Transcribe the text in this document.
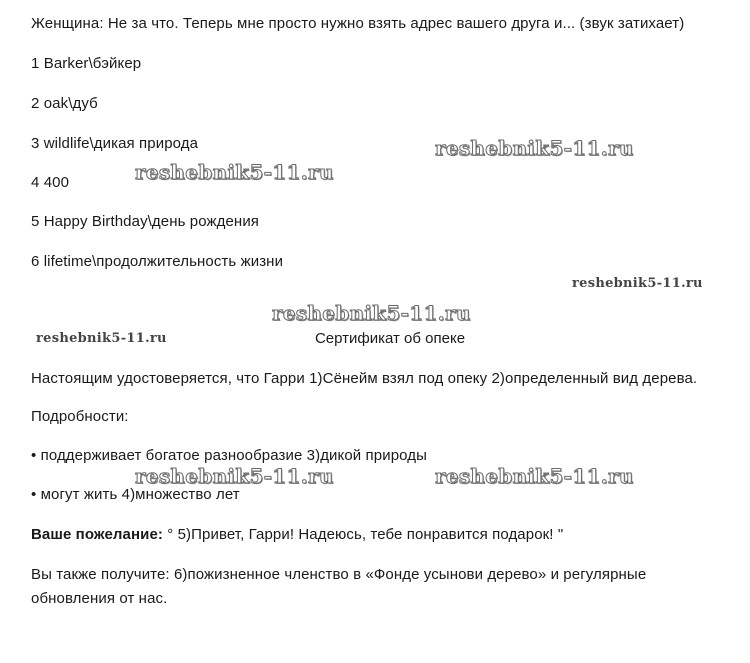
Женщина: Не за что. Теперь мне просто нужно взять адрес вашего друга и... (звук затихает)
1 Barker\бэйкер
2 oak\дуб
3 wildlife\дикая природа
4 400
5 Happy Birthday\день рождения
6 lifetime\продолжительность жизни
Сертификат об опеке
Настоящим удостоверяется, что Гарри 1)Сёнейм взял под опеку 2)определенный вид дерева.
Подробности:
• поддерживает богатое разнообразие 3)дикой природы
• могут жить 4)множество лет
Ваше пожелание: ° 5)Привет, Гарри! Надеюсь, тебе понравится подарок! "
Вы также получите: 6)пожизненное членство в «Фонде усынови дерево» и регулярные
обновления от нас.
reshebnik5-11.ru
reshebnik5-11.ru
reshebnik5-11.ru
reshebnik5-11.ru
reshebnik5-11.ru
reshebnik5-11.ru	reshebnik5-11.ru
